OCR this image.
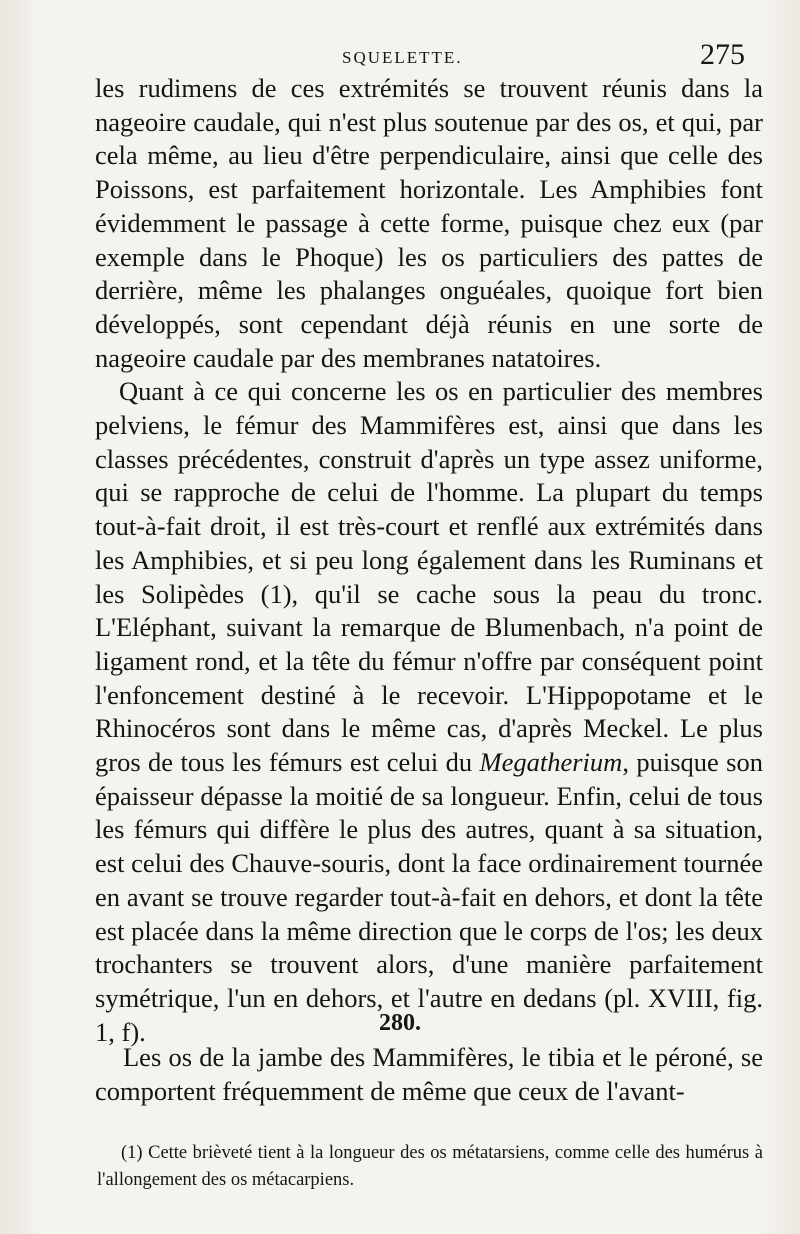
SQUELETTE.	275

les rudimens de ces extrémités se trouvent réunis dans la nageoire caudale, qui n'est plus soutenue par des os, et qui, par cela même, au lieu d'être perpendiculaire, ainsi que celle des Poissons, est parfaitement horizontale. Les Amphibies font évidemment le passage à cette forme, puisque chez eux (par exemple dans le Phoque) les os particuliers des pattes de derrière, même les phalanges onguéales, quoique fort bien développés, sont cependant déjà réunis en une sorte de nageoire caudale par des membranes natatoires.

Quant à ce qui concerne les os en particulier des membres pelviens, le fémur des Mammifères est, ainsi que dans les classes précédentes, construit d'après un type assez uniforme, qui se rapproche de celui de l'homme. La plupart du temps tout-à-fait droit, il est très-court et renflé aux extrémités dans les Amphibies, et si peu long également dans les Ruminans et les Solipèdes (1), qu'il se cache sous la peau du tronc. L'Eléphant, suivant la remarque de Blumenbach, n'a point de ligament rond, et la tête du fémur n'offre par conséquent point l'enfoncement destiné à le recevoir. L'Hippopotame et le Rhinocéros sont dans le même cas, d'après Meckel. Le plus gros de tous les fémurs est celui du Megatherium, puisque son épaisseur dépasse la moitié de sa longueur. Enfin, celui de tous les fémurs qui diffère le plus des autres, quant à sa situation, est celui des Chauve-souris, dont la face ordinairement tournée en avant se trouve regarder tout-à-fait en dehors, et dont la tête est placée dans la même direction que le corps de l'os; les deux trochanters se trouvent alors, d'une manière parfaitement symétrique, l'un en dehors, et l'autre en dedans (pl. XVIII, fig. 1, f).	280.

Les os de la jambe des Mammifères, le tibia et le péroné, se comportent fréquemment de même que ceux de l'avant-

(1) Cette brièveté tient à la longueur des os métatarsiens, comme celle des humérus à l'allongement des os métacarpiens.
